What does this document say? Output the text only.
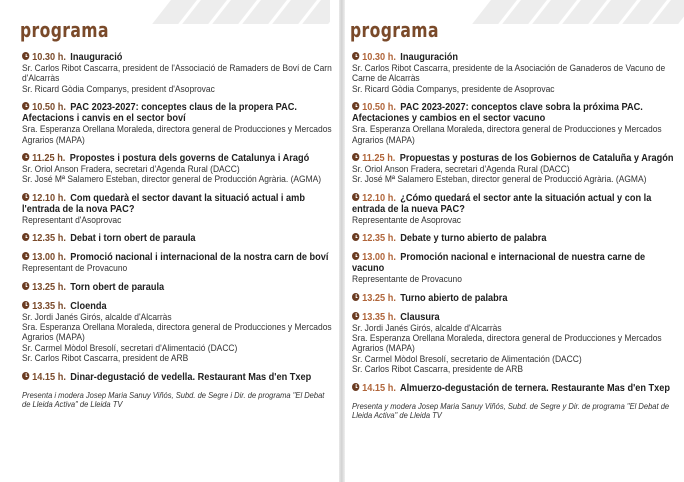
programa
10.30 h. Inauguració
Sr. Carlos Ribot Cascarra, president de l'Associació de Ramaders de Boví de Carn d'Alcarràs
Sr. Ricard Gòdia Companys, president d'Asoprovac
10.50 h. PAC 2023-2027: conceptes claus de la propera PAC. Afectacions i canvis en el sector boví
Sra. Esperanza Orellana Moraleda, directora general de Producciones y Mercados Agrarios (MAPA)
11.25 h. Propostes i postura dels governs de Catalunya i Aragó
Sr. Oriol Anson Fradera, secretari d'Agenda Rural (DACC)
Sr. José Mª Salamero Esteban, director general de Producción Agrària. (AGMA)
12.10 h. Com quedarà el sector davant la situació actual i amb l'entrada de la nova PAC?
Representant d'Asoprovac
12.35 h. Debat i torn obert de paraula
13.00 h. Promoció nacional i internacional de la nostra carn de boví
Representant de Provacuno
13.25 h. Torn obert de paraula
13.35 h. Cloenda
Sr. Jordi Janés Girós, alcalde d'Alcarràs
Sra. Esperanza Orellana Moraleda, directora general de Producciones y Mercados Agrarios (MAPA)
Sr. Carmel Mòdol Bresolí, secretari d'Alimentació (DACC)
Sr. Carlos Ribot Cascarra, president de ARB
14.15 h. Dinar-degustació de vedella. Restaurant Mas d'en Txep
Presenta i modera Josep Maria Sanuy Viñós, Subd. de Segre i Dir. de programa "El Debat de Lleida Activa" de Lleida TV
programa
10.30 h. Inauguración
Sr. Carlos Ribot Cascarra, presidente de la Asociación de Ganaderos de Vacuno de Carne de Alcarràs
Sr. Ricard Gòdia Companys, presidente de Asoprovac
10.50 h. PAC 2023-2027: conceptos clave sobra la próxima PAC. Afectaciones y cambios en el sector vacuno
Sra. Esperanza Orellana Moraleda, directora general de Producciones y Mercados Agrarios (MAPA)
11.25 h. Propuestas y posturas de los Gobiernos de Cataluña y Aragón
Sr. Oriol Anson Fradera, secretari d'Agenda Rural (DACC)
Sr. José Mª Salamero Esteban, director general de Producció Agrària. (AGMA)
12.10 h. ¿Cómo quedará el sector ante la situación actual y con la entrada de la nueva PAC?
Representante de Asoprovac
12.35 h. Debate y turno abierto de palabra
13.00 h. Promoción nacional e internacional de nuestra carne de vacuno
Representante de Provacuno
13.25 h. Turno abierto de palabra
13.35 h. Clausura
Sr. Jordi Janés Girós, alcalde d'Alcarràs
Sra. Esperanza Orellana Moraleda, directora general de Producciones y Mercados Agrarios (MAPA)
Sr. Carmel Mòdol Bresolí, secretario de Alimentación (DACC)
Sr. Carlos Ribot Cascarra, presidente de ARB
14.15 h. Almuerzo-degustación de ternera. Restaurante Mas d'en Txep
Presenta y modera Josep Maria Sanuy Viñós, Subd. de Segre y Dir. de programa "El Debat de Lleida Activa" de Lleida TV
